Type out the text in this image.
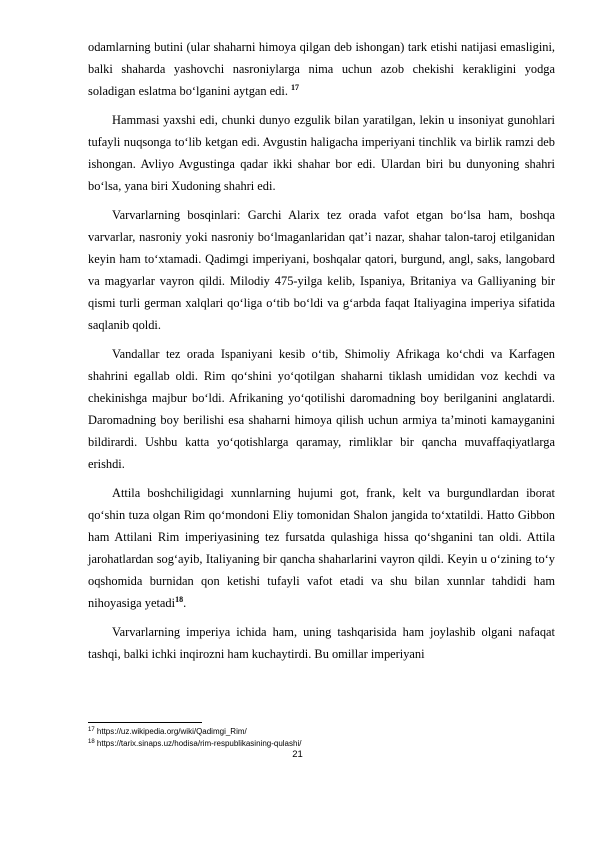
odamlarning butini (ular shaharni himoya qilgan deb ishongan) tark etishi natijasi emasligini, balki shaharda yashovchi nasroniylarga nima uchun azob chekishi kerakligini yodga soladigan eslatma bo‘lganini aytgan edi. $^{17}$

Hammasi yaxshi edi, chunki dunyo ezgulik bilan yaratilgan, lekin u insoniyat gunohlari tufayli nuqsonga to‘lib ketgan edi. Avgustin haligacha imperiyani tinchlik va birlik ramzi deb ishongan. Avliyo Avgustinga qadar ikki shahar bor edi. Ulardan biri bu dunyoning shahri bo‘lsa, yana biri Xudoning shahri edi.

Varvarlarning bosqinlari: Garchi Alarix tez orada vafot etgan bo‘lsa ham, boshqa varvarlar, nasroniy yoki nasroniy bo‘lmaganlaridan qat’i nazar, shahar talon-taroj etilganidan keyin ham to‘xtamadi. Qadimgi imperiyani, boshqalar qatori, burgund, angl, saks, langobard va magyarlar vayron qildi. Milodiy 475-yilga kelib, Ispaniya, Britaniya va Galliyaning bir qismi turli german xalqlari qo‘liga o‘tib bo‘ldi va g‘arbda faqat Italiyagina imperiya sifatida saqlanib qoldi.

Vandallar tez orada Ispaniyani kesib o‘tib, Shimoliy Afrikaga ko‘chdi va Karfagen shahrini egallab oldi. Rim qo‘shini yo‘qotilgan shaharni tiklash umididan voz kechdi va chekinishga majbur bo‘ldi. Afrikaning yo‘qotilishi daromadning boy berilganini anglatardi. Daromadning boy berilishi esa shaharni himoya qilish uchun armiya ta’minoti kamayganini bildirardi. Ushbu katta yo‘qotishlarga qaramay, rimliklar bir qancha muvaffaqiyatlarga erishdi.

Attila boshchiligidagi xunnlarning hujumi got, frank, kelt va burgundlardan iborat qo‘shin tuza olgan Rim qo‘mondoni Eliy tomonidan Shalon jangida to‘xtatildi. Hatto Gibbon ham Attilani Rim imperiyasining tez fursatda qulashiga hissa qo‘shganini tan oldi. Attila jarohatlardan sog‘ayib, Italiyaning bir qancha shaharlarini vayron qildi. Keyin u o‘zining to‘y oqshomida burnidan qon ketishi tufayli vafot etadi va shu bilan xunnlar tahdidi ham nihoyasiga yetadi$^{18}$.

Varvarlarning imperiya ichida ham, uning tashqarisida ham joylashib olgani nafaqat tashqi, balki ichki inqirozni ham kuchaytirdi. Bu omillar imperiyani

$^{17}$ https://uz.wikipedia.org/wiki/Qadimgi_Rim/
$^{18}$ https://tarix.sinaps.uz/hodisa/rim-respublikasining-qulashi/
21
